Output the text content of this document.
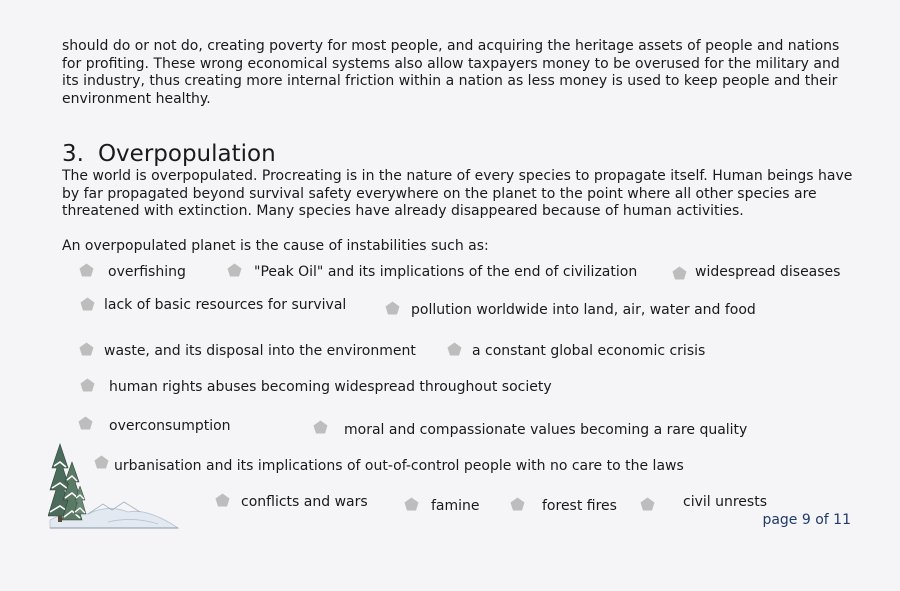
should do or not do, creating poverty for most people, and acquiring the heritage assets of people and nations for profiting. These wrong economical systems also allow taxpayers money to be overused for the military and its industry, thus creating more internal friction within a nation as less money is used to keep people and their environment healthy.

3. Overpopulation

The world is overpopulated. Procreating is in the nature of every species to propagate itself. Human beings have by far propagated beyond survival safety everywhere on the planet to the point where all other species are threatened with extinction. Many species have already disappeared because of human activities.

An overpopulated planet is the cause of instabilities such as:

overfishing	"Peak Oil" and its implications of the end of civilization	widespread diseases
lack of basic resources for survival	pollution worldwide into land, air, water and food
waste, and its disposal into the environment	a constant global economic crisis
human rights abuses becoming widespread throughout society
overconsumption	moral and compassionate values becoming a rare quality
urbanisation and its implications of out-of-control people with no care to the laws
conflicts and wars	famine	forest fires	civil unrests
page 9 of 11
